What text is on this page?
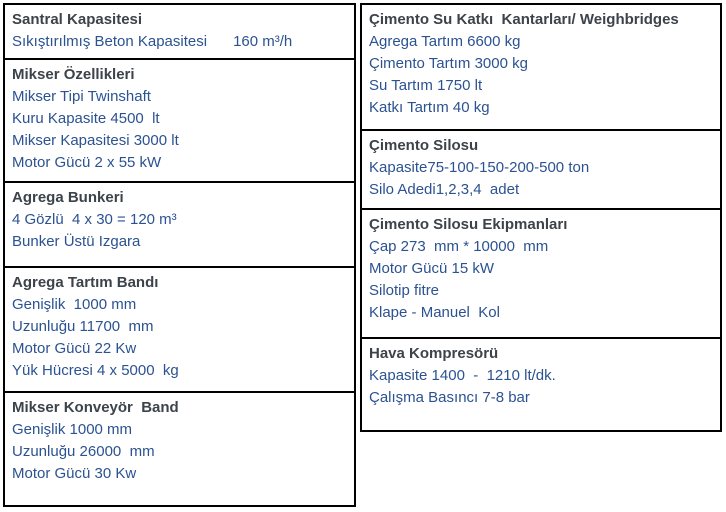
Santral Kapasitesi
Sıkıştırılmış Beton Kapasitesi 160 m³/h
Mikser Özellikleri
Mikser Tipi Twinshaft
Kuru Kapasite 4500  lt
Mikser Kapasitesi 3000 lt
Motor Gücü 2 x 55 kW
Agrega Bunkeri
4 Gözlü  4 x 30 = 120 m³
Bunker Üstü Izgara
Agrega Tartım Bandı
Genişlik  1000 mm
Uzunluğu 11700  mm
Motor Gücü 22 Kw
Yük Hücresi 4 x 5000  kg
Mikser Konveyör  Band
Genişlik 1000 mm
Uzunluğu 26000  mm
Motor Gücü 30 Kw
Çimento Su Katkı  Kantarları/ Weighbridges
Agrega Tartım 6600 kg
Çimento Tartım 3000 kg
Su Tartım 1750 lt
Katkı Tartım 40 kg
Çimento Silosu
Kapasite75-100-150-200-500 ton
Silo Adedi1,2,3,4  adet
Çimento Silosu Ekipmanları
Çap 273  mm * 10000  mm
Motor Gücü 15 kW
Silotip fitre
Klape - Manuel  Kol
Hava Kompresörü
Kapasite 1400  -  1210 lt/dk.
Çalışma Basıncı 7-8 bar
